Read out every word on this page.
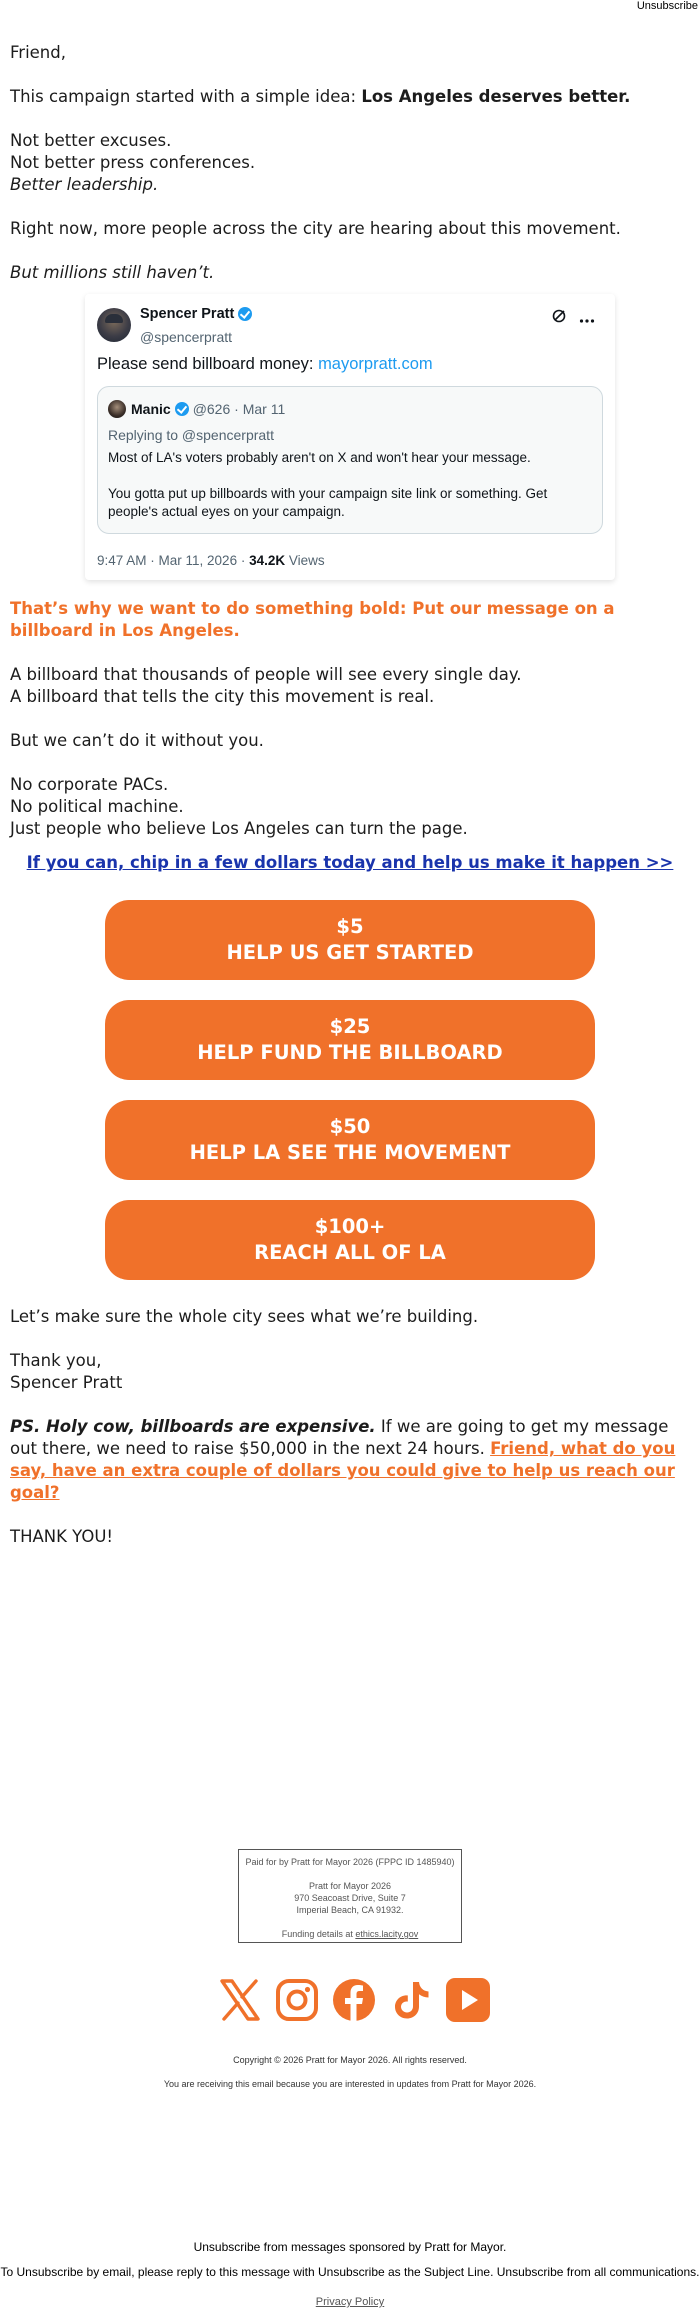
Unsubscribe

Friend,

This campaign started with a simple idea: Los Angeles deserves better.

Not better excuses.

Not better press conferences.

Better leadership.

Right now, more people across the city are hearing about this movement.

But millions still haven’t.

Spencer Pratt
@spencerpratt
Please send billboard money: mayorpratt.com
Manic @626 · Mar 11
Replying to @spencerpratt

Most of LA's voters probably aren't on X and won't hear your message.

You gotta put up billboards with your campaign site link or something. Get people's actual eyes on your campaign.

9:47 AM · Mar 11, 2026 · 34.2K Views

That’s why we want to do something bold: Put our message on a billboard in Los Angeles.

A billboard that thousands of people will see every single day.

A billboard that tells the city this movement is real.

But we can’t do it without you.

No corporate PACs.

No political machine.

Just people who believe Los Angeles can turn the page.

If you can, chip in a few dollars today and help us make it happen >>
$5
HELP US GET STARTED
$25
HELP FUND THE BILLBOARD
$50
HELP LA SEE THE MOVEMENT
$100+
REACH ALL OF LA

Let’s make sure the whole city sees what we’re building.

Thank you,

Spencer Pratt

PS. Holy cow, billboards are expensive. If we are going to get my message out there, we need to raise $50,000 in the next 24 hours. Friend, what do you say, have an extra couple of dollars you could give to help us reach our goal?

THANK YOU!

Paid for by Pratt for Mayor 2026 (FPPC ID 1485940)
Pratt for Mayor 2026
970 Seacoast Drive, Suite 7
Imperial Beach, CA 91932.
Funding details at ethics.lacity.gov
Copyright © 2026 Pratt for Mayor 2026. All rights reserved.
You are receiving this email because you are interested in updates from Pratt for Mayor 2026.
Unsubscribe from messages sponsored by Pratt for Mayor.
To Unsubscribe by email, please reply to this message with Unsubscribe as the Subject Line. Unsubscribe from all communications.
Privacy Policy
